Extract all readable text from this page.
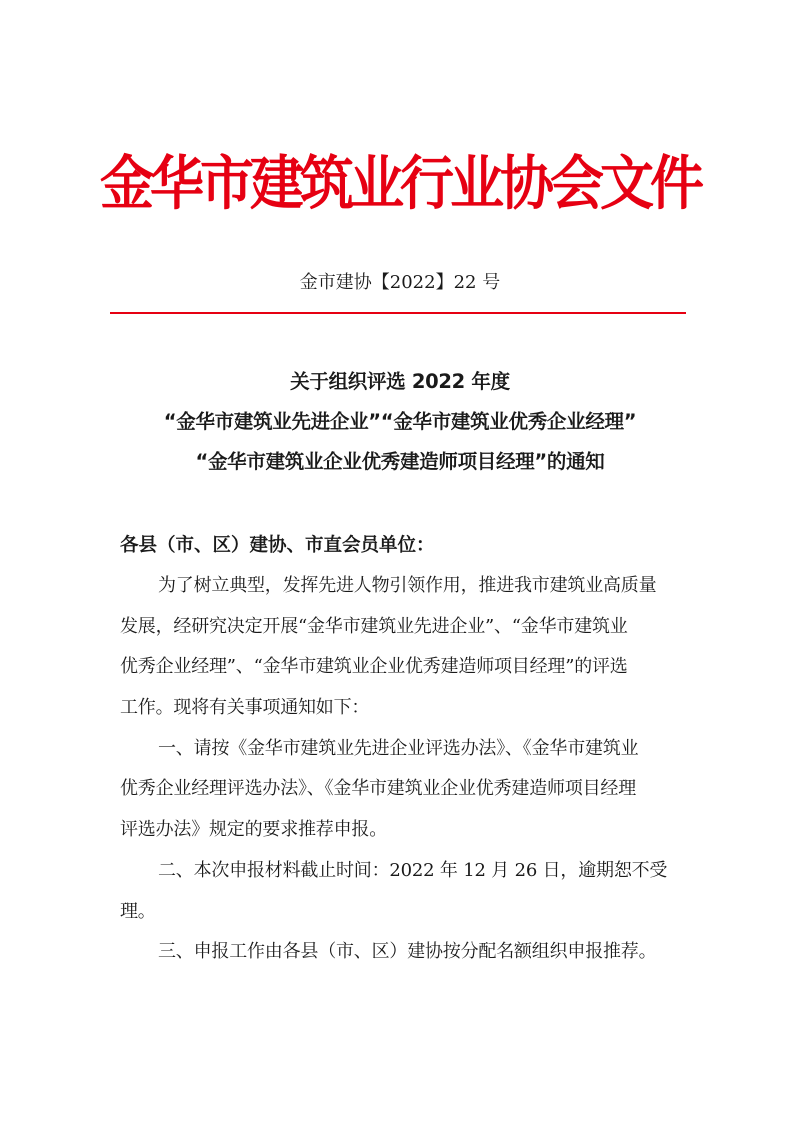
金华市建筑业行业协会文件
金市建协【2022】22 号
关于组织评选 2022 年度
“金华市建筑业先进企业”“金华市建筑业优秀企业经理”
“金华市建筑业企业优秀建造师项目经理”的通知
各县（市、区）建协、市直会员单位：
为了树立典型，发挥先进人物引领作用，推进我市建筑业高质量
发展，经研究决定开展“金华市建筑业先进企业”、“金华市建筑业
优秀企业经理”、“金华市建筑业企业优秀建造师项目经理”的评选
工作。现将有关事项通知如下：
一、请按《金华市建筑业先进企业评选办法》、《金华市建筑业
优秀企业经理评选办法》、《金华市建筑业企业优秀建造师项目经理
评选办法》规定的要求推荐申报。
二、本次申报材料截止时间：2022 年 12 月 26 日，逾期恕不受
理。
三、申报工作由各县（市、区）建协按分配名额组织申报推荐。
